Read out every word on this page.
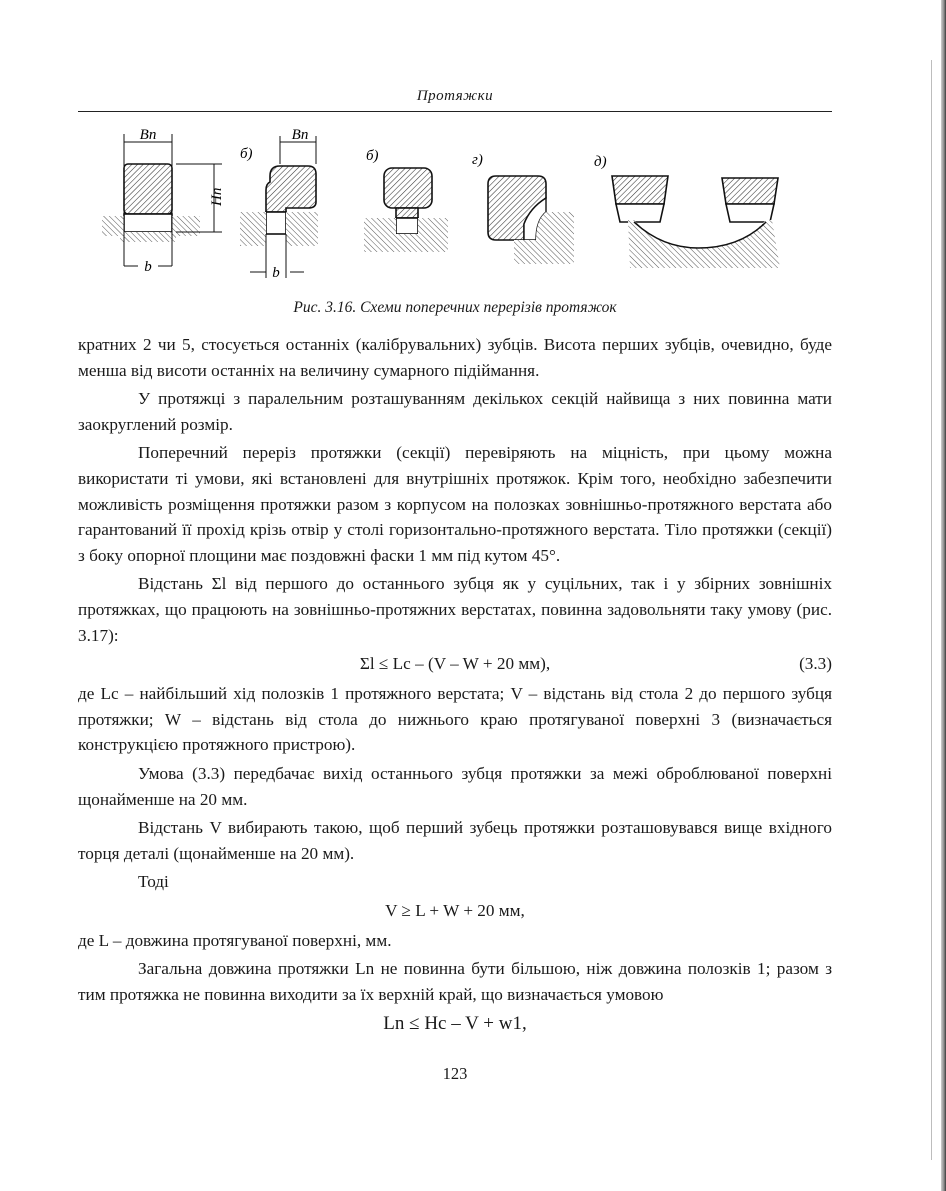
Протяжки
Bп
Hп
b
б)
Bп
b
б)	г)	д)
Рис. 3.16. Схеми поперечних перерізів протяжок

кратних 2 чи 5, стосується останніх (калібрувальних) зубців. Висота перших зубців, очевидно, буде менша від висоти останніх на величину сумарного підіймання.

У протяжці з паралельним розташуванням декількох секцій найвища з них повинна мати заокруглений розмір.

Поперечний переріз протяжки (секції) перевіряють на міцність, при цьому можна використати ті умови, які встановлені для внутрішніх протяжок. Крім того, необхідно забезпечити можливість розміщення протяжки разом з корпусом на полозках зовнішньо-протяжного верстата або гарантований її прохід крізь отвір у столі горизонтально-протяжного верстата. Тіло протяжки (секції) з боку опорної площини має поздовжні фаски 1 мм під кутом 45°.

Відстань Σl від першого до останнього зубця як у суцільних, так і у збірних зовнішніх протяжках, що працюють на зовнішньо-протяжних верстатах, повинна задовольняти таку умову (рис. 3.17):

Σl ≤ Lc – (V – W + 20 мм),	(3.3)

де Lc – найбільший хід полозків 1 протяжного верстата; V – відстань від стола 2 до першого зубця протяжки; W – відстань від стола до нижнього краю протягуваної поверхні 3 (визначається конструкцією протяжного пристрою).

Умова (3.3) передбачає вихід останнього зубця протяжки за межі оброблюваної поверхні щонайменше на 20 мм.

Відстань V вибирають такою, щоб перший зубець протяжки розташовувався вище вхідного торця деталі (щонайменше на 20 мм).

Тоді

V ≥ L + W + 20 мм,

де L – довжина протягуваної поверхні, мм.

Загальна довжина протяжки Ln не повинна бути більшою, ніж довжина полозків 1; разом з тим протяжка не повинна виходити за їх верхній край, що визначається умовою

Ln ≤ Hc – V + w1,
123
